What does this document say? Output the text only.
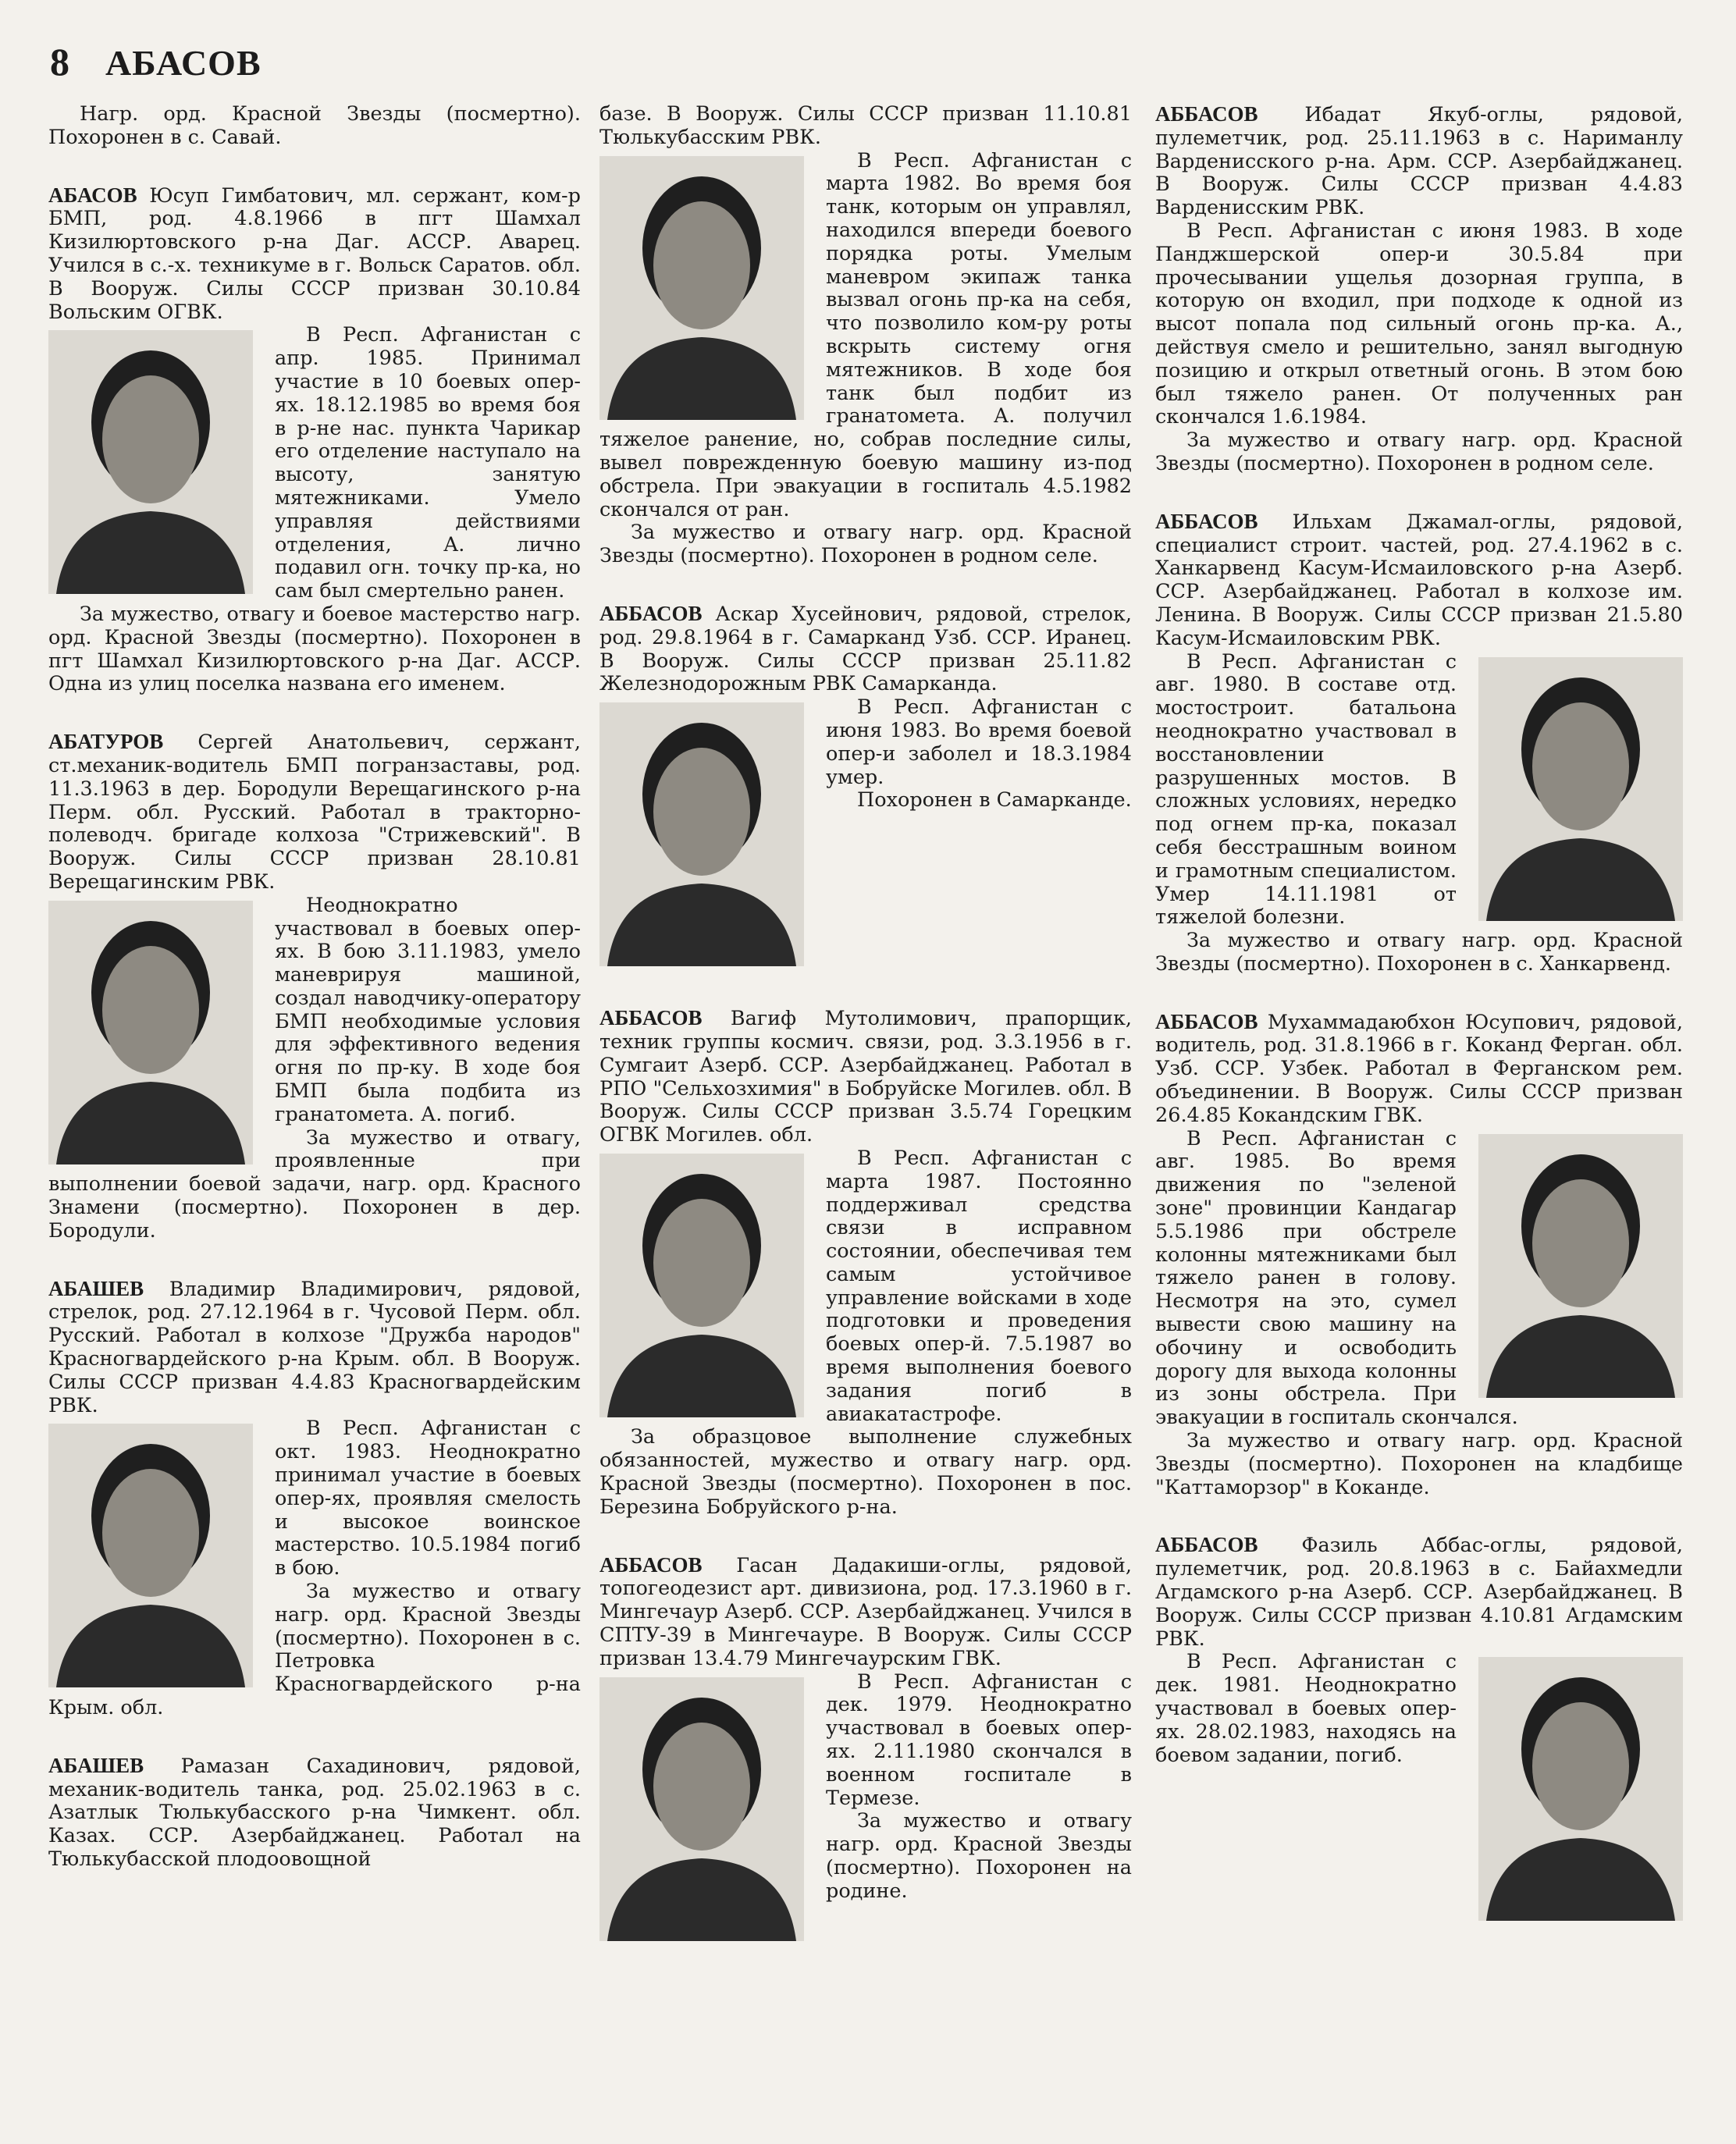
8 АБАСОВ

Нагр. орд. Красной Звезды (посмертно). Похоронен в с. Савай.

АБАСОВ Юсуп Гимбатович, мл. сержант, ком-р БМП, род. 4.8.1966 в пгт Шамхал Кизилюртовского р-на Даг. АССР. Аварец. Учился в с.-х. техникуме в г. Вольск Саратов. обл. В Вооруж. Силы СССР призван 30.10.84 Вольским ОГВК.

В Респ. Афганистан с апр. 1985. Принимал участие в 10 боевых опер-ях. 18.12.1985 во время боя в р-не нас. пункта Чарикар его отделение наступало на высоту, занятую мятежниками. Умело управляя действиями отделения, А. лично подавил огн. точку пр-ка, но сам был смертельно ранен.

За мужество, отвагу и боевое мастерство нагр. орд. Красной Звезды (посмертно). Похоронен в пгт Шамхал Кизилюртовского р-на Даг. АССР. Одна из улиц поселка названа его именем.

АБАТУРОВ Сергей Анатольевич, сержант, ст.механик-водитель БМП погранзаставы, род. 11.3.1963 в дер. Бородули Верещагинского р-на Перм. обл. Русский. Работал в тракторно-полеводч. бригаде колхоза "Стрижевский". В Вооруж. Силы СССР призван 28.10.81 Верещагинским РВК.

Неоднократно участвовал в боевых опер-ях. В бою 3.11.1983, умело маневрируя машиной, создал наводчику-оператору БМП необходимые условия для эффективного ведения огня по пр-ку. В ходе боя БМП была подбита из гранатомета. А. погиб.

За мужество и отвагу, проявленные при выполнении боевой задачи, нагр. орд. Красного Знамени (посмертно). Похоронен в дер. Бородули.

АБАШЕВ Владимир Владимирович, рядовой, стрелок, род. 27.12.1964 в г. Чусовой Перм. обл. Русский. Работал в колхозе "Дружба народов" Красногвардейского р-на Крым. обл. В Вооруж. Силы СССР призван 4.4.83 Красногвардейским РВК.

В Респ. Афганистан с окт. 1983. Неоднократно принимал участие в боевых опер-ях, проявляя смелость и высокое воинское мастерство. 10.5.1984 погиб в бою.

За мужество и отвагу нагр. орд. Красной Звезды (посмертно). Похоронен в с. Петровка Красногвардейского р-на Крым. обл.

АБАШЕВ Рамазан Сахадинович, рядовой, механик-водитель танка, род. 25.02.1963 в с. Азатлык Тюлькубасского р-на Чимкент. обл. Казах. ССР. Азербайджанец. Работал на Тюлькубасской плодоовощной

базе. В Вооруж. Силы СССР призван 11.10.81 Тюлькубасским РВК.

В Респ. Афганистан с марта 1982. Во время боя танк, которым он управлял, находился впереди боевого порядка роты. Умелым маневром экипаж танка вызвал огонь пр-ка на себя, что позволило ком-ру роты вскрыть систему огня мятежников. В ходе боя танк был подбит из гранатомета. А. получил тяжелое ранение, но, собрав последние силы, вывел поврежденную боевую машину из-под обстрела. При эвакуации в госпиталь 4.5.1982 скончался от ран.

За мужество и отвагу нагр. орд. Красной Звезды (посмертно). Похоронен в родном селе.

АББАСОВ Аскар Хусейнович, рядовой, стрелок, род. 29.8.1964 в г. Самарканд Узб. ССР. Иранец. В Вооруж. Силы СССР призван 25.11.82 Железнодорожным РВК Самарканда.

В Респ. Афганистан с июня 1983. Во время боевой опер-и заболел и 18.3.1984 умер.

Похоронен в Самарканде.

АББАСОВ Вагиф Мутолимович, прапорщик, техник группы космич. связи, род. 3.3.1956 в г. Сумгаит Азерб. ССР. Азербайджанец. Работал в РПО "Сельхозхимия" в Бобруйске Могилев. обл. В Вооруж. Силы СССР призван 3.5.74 Горецким ОГВК Могилев. обл.

В Респ. Афганистан с марта 1987. Постоянно поддерживал средства связи в исправном состоянии, обеспечивая тем самым устойчивое управление войсками в ходе подготовки и проведения боевых опер-й. 7.5.1987 во время выполнения боевого задания погиб в авиакатастрофе.

За образцовое выполнение служебных обязанностей, мужество и отвагу нагр. орд. Красной Звезды (посмертно). Похоронен в пос. Березина Бобруйского р-на.

АББАСОВ Гасан Дадакиши-оглы, рядовой, топогеодезист арт. дивизиона, род. 17.3.1960 в г. Мингечаур Азерб. ССР. Азербайджанец. Учился в СПТУ-39 в Мингечауре. В Вооруж. Силы СССР призван 13.4.79 Мингечаурским ГВК.

В Респ. Афганистан с дек. 1979. Неоднократно участвовал в боевых опер-ях. 2.11.1980 скончался в военном госпитале в Термезе.

За мужество и отвагу нагр. орд. Красной Звезды (посмертно). Похоронен на родине.

АББАСОВ Ибадат Якуб-оглы, рядовой, пулеметчик, род. 25.11.1963 в с. Нариманлу Варденисского р-на. Арм. ССР. Азербайджанец. В Вооруж. Силы СССР призван 4.4.83 Варденисским РВК.

В Респ. Афганистан с июня 1983. В ходе Панджшерской опер-и 30.5.84 при прочесывании ущелья дозорная группа, в которую он входил, при подходе к одной из высот попала под сильный огонь пр-ка. А., действуя смело и решительно, занял выгодную позицию и открыл ответный огонь. В этом бою был тяжело ранен. От полученных ран скончался 1.6.1984.

За мужество и отвагу нагр. орд. Красной Звезды (посмертно). Похоронен в родном селе.

АББАСОВ Ильхам Джамал-оглы, рядовой, специалист строит. частей, род. 27.4.1962 в с. Ханкарвенд Касум-Исмаиловского р-на Азерб. ССР. Азербайджанец. Работал в колхозе им. Ленина. В Вооруж. Силы СССР призван 21.5.80 Касум-Исмаиловским РВК.

В Респ. Афганистан с авг. 1980. В составе отд. мостостроит. батальона неоднократно участвовал в восстановлении разрушенных мостов. В сложных условиях, нередко под огнем пр-ка, показал себя бесстрашным воином и грамотным специалистом. Умер 14.11.1981 от тяжелой болезни.

За мужество и отвагу нагр. орд. Красной Звезды (посмертно). Похоронен в с. Ханкарвенд.

АББАСОВ Мухаммадаюбхон Юсупович, рядовой, водитель, род. 31.8.1966 в г. Коканд Ферган. обл. Узб. ССР. Узбек. Работал в Ферганском рем. объединении. В Вооруж. Силы СССР призван 26.4.85 Кокандским ГВК.

В Респ. Афганистан с авг. 1985. Во время движения по "зеленой зоне" провинции Кандагар 5.5.1986 при обстреле колонны мятежниками был тяжело ранен в голову. Несмотря на это, сумел вывести свою машину на обочину и освободить дорогу для выхода колонны из зоны обстрела. При эвакуации в госпиталь скончался.

За мужество и отвагу нагр. орд. Красной Звезды (посмертно). Похоронен на кладбище "Каттаморзор" в Коканде.

АББАСОВ Фазиль Аббас-оглы, рядовой, пулеметчик, род. 20.8.1963 в с. Байахмедли Агдамского р-на Азерб. ССР. Азербайджанец. В Вооруж. Силы СССР призван 4.10.81 Агдамским РВК.

В Респ. Афганистан с дек. 1981. Неоднократно участвовал в боевых опер-ях. 28.02.1983, находясь на боевом задании, погиб.
